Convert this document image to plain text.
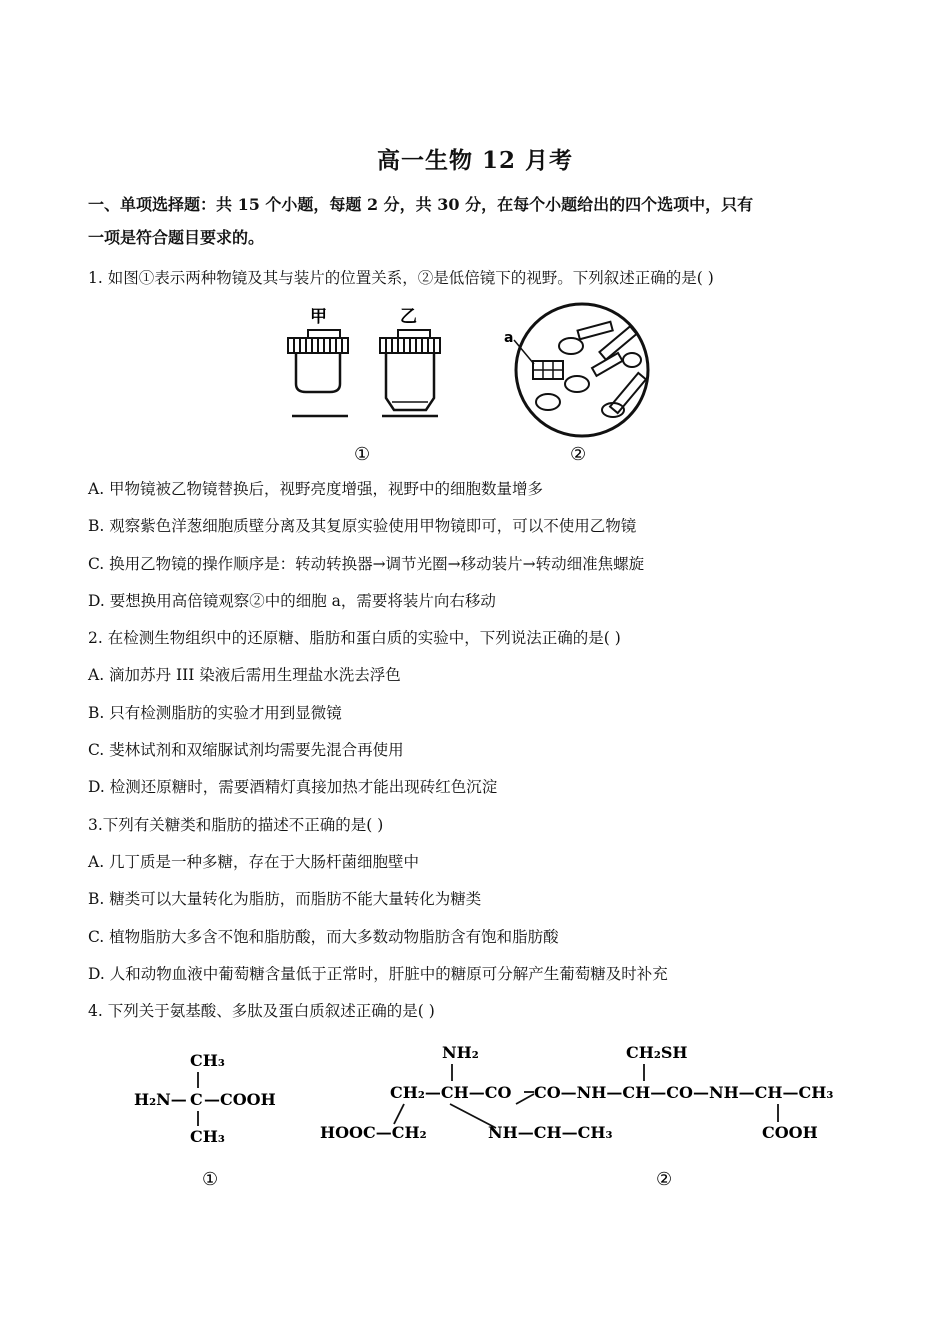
高一生物 12 月考
一、单项选择题：共 15 个小题，每题 2 分，共 30 分，在每个小题给出的四个选项中，只有
一项是符合题目要求的。
1. 如图①表示两种物镜及其与装片的位置关系，②是低倍镜下的视野。下列叙述正确的是( )
甲	乙
①
a
②
A. 甲物镜被乙物镜替换后，视野亮度增强，视野中的细胞数量增多
B. 观察紫色洋葱细胞质壁分离及其复原实验使用甲物镜即可，可以不使用乙物镜
C. 换用乙物镜的操作顺序是：转动转换器→调节光圈→移动装片→转动细准焦螺旋
D. 要想换用高倍镜观察②中的细胞 a，需要将装片向右移动
2. 在检测生物组织中的还原糖、脂肪和蛋白质的实验中，下列说法正确的是( )
A. 滴加苏丹 III 染液后需用生理盐水洗去浮色
B. 只有检测脂肪的实验才用到显微镜
C. 斐林试剂和双缩脲试剂均需要先混合再使用
D. 检测还原糖时，需要酒精灯真接加热才能出现砖红色沉淀
3.下列有关糖类和脂肪的描述不正确的是( )
A. 几丁质是一种多糖，存在于大肠杆菌细胞壁中
B. 糖类可以大量转化为脂肪，而脂肪不能大量转化为糖类
C. 植物脂肪大多含不饱和脂肪酸，而大多数动物脂肪含有饱和脂肪酸
D. 人和动物血液中葡萄糖含量低于正常时，肝脏中的糖原可分解产生葡萄糖及时补充
4. 下列关于氨基酸、多肽及蛋白质叙述正确的是( )
CH₃
H₂N— C —COOH
CH₃
①
NH₂	CH₂SH
CH₂—CH—CO CO—NH—CH—CO—NH—CH—CH₃
HOOC—CH₂	NH—CH—CH₃	COOH
②
